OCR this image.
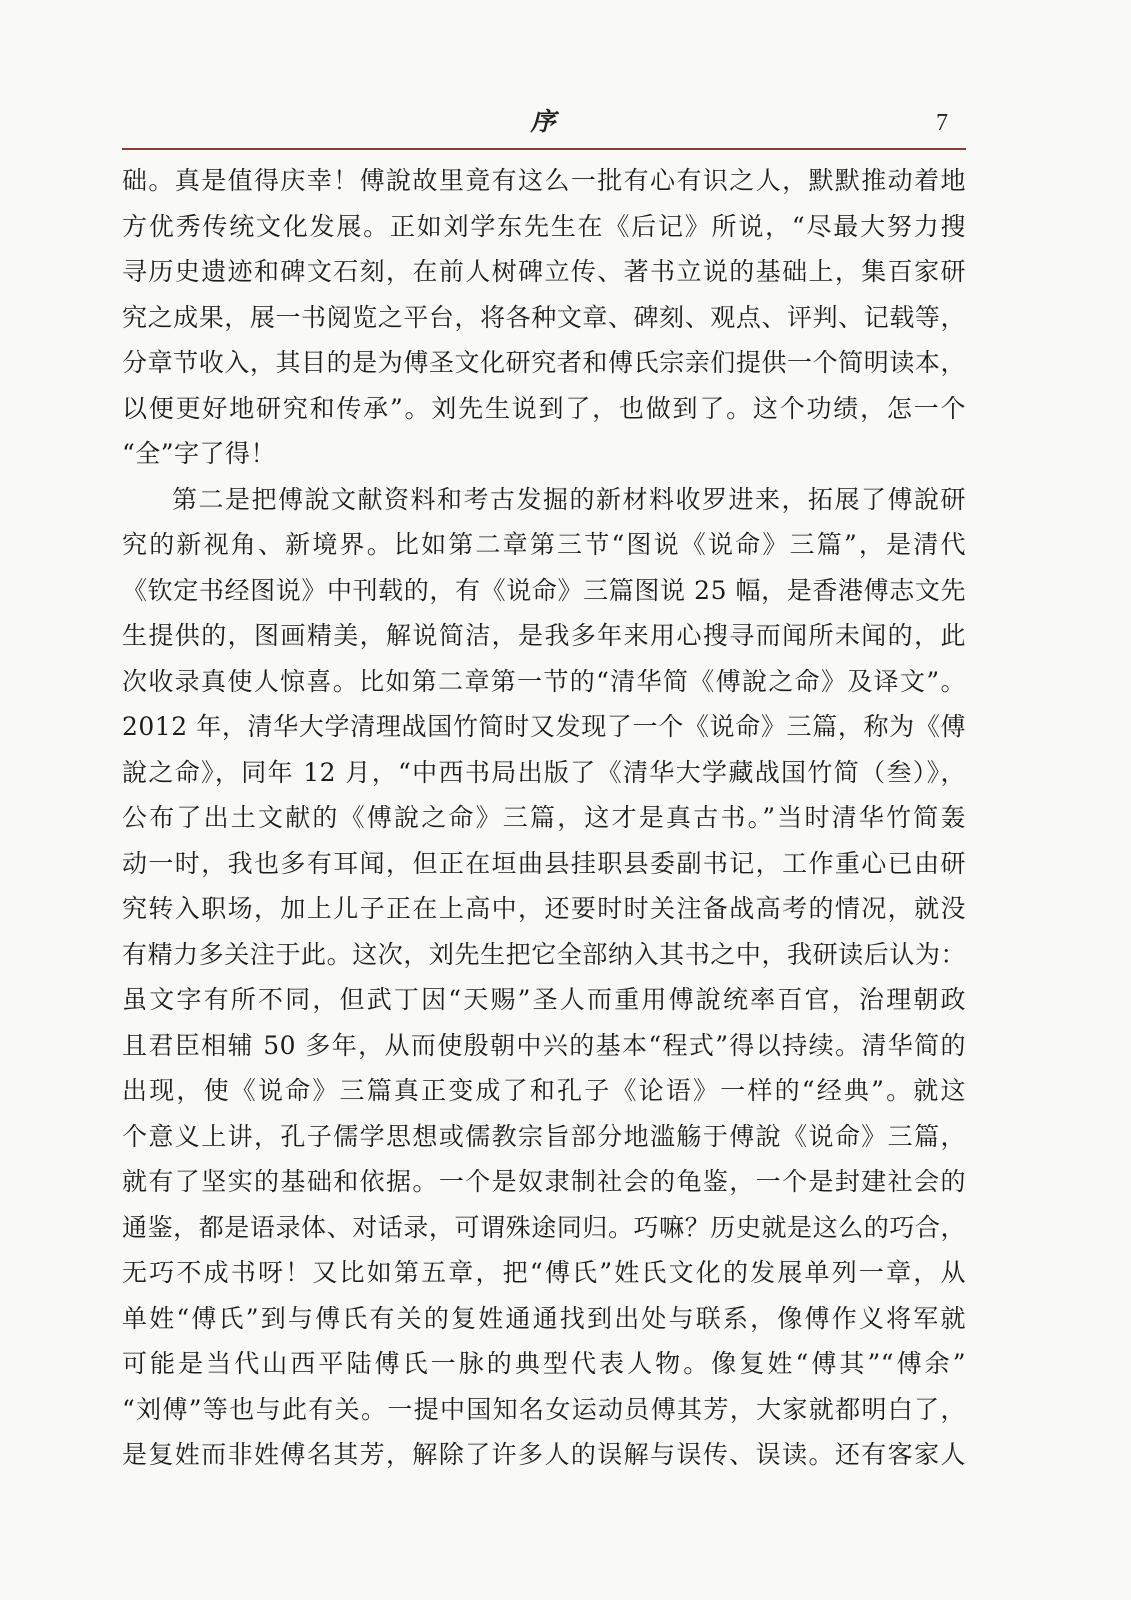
序	7
础。真是值得庆幸！傅說故里竟有这么一批有心有识之人，默默推动着地
方优秀传统文化发展。正如刘学东先生在《后记》所说，“尽最大努力搜
寻历史遗迹和碑文石刻，在前人树碑立传、著书立说的基础上，集百家研
究之成果，展一书阅览之平台，将各种文章、碑刻、观点、评判、记载等，
分章节收入，其目的是为傅圣文化研究者和傅氏宗亲们提供一个简明读本，
以便更好地研究和传承”。刘先生说到了，也做到了。这个功绩，怎一个
“全”字了得！
第二是把傅說文献资料和考古发掘的新材料收罗进来，拓展了傅說研
究的新视角、新境界。比如第二章第三节“图说《说命》三篇”，是清代
《钦定书经图说》中刊载的，有《说命》三篇图说 25 幅，是香港傅志文先
生提供的，图画精美，解说简洁，是我多年来用心搜寻而闻所未闻的，此
次收录真使人惊喜。比如第二章第一节的“清华简《傅說之命》及译文”。
2012 年，清华大学清理战国竹简时又发现了一个《说命》三篇，称为《傅
說之命》，同年 12 月，“中西书局出版了《清华大学藏战国竹简（叁）》，
公布了出土文献的《傅說之命》三篇，这才是真古书。”当时清华竹简轰
动一时，我也多有耳闻，但正在垣曲县挂职县委副书记，工作重心已由研
究转入职场，加上儿子正在上高中，还要时时关注备战高考的情况，就没
有精力多关注于此。这次，刘先生把它全部纳入其书之中，我研读后认为：
虽文字有所不同，但武丁因“天赐”圣人而重用傅說统率百官，治理朝政
且君臣相辅 50 多年，从而使殷朝中兴的基本“程式”得以持续。清华简的
出现，使《说命》三篇真正变成了和孔子《论语》一样的“经典”。就这
个意义上讲，孔子儒学思想或儒教宗旨部分地滥觞于傅說《说命》三篇，
就有了坚实的基础和依据。一个是奴隶制社会的龟鉴，一个是封建社会的
通鉴，都是语录体、对话录，可谓殊途同归。巧嘛？历史就是这么的巧合，
无巧不成书呀！又比如第五章，把“傅氏”姓氏文化的发展单列一章，从
单姓“傅氏”到与傅氏有关的复姓通通找到出处与联系，像傅作义将军就
可能是当代山西平陆傅氏一脉的典型代表人物。像复姓“傅其”“傅余”
“刘傅”等也与此有关。一提中国知名女运动员傅其芳，大家就都明白了，
是复姓而非姓傅名其芳，解除了许多人的误解与误传、误读。还有客家人
